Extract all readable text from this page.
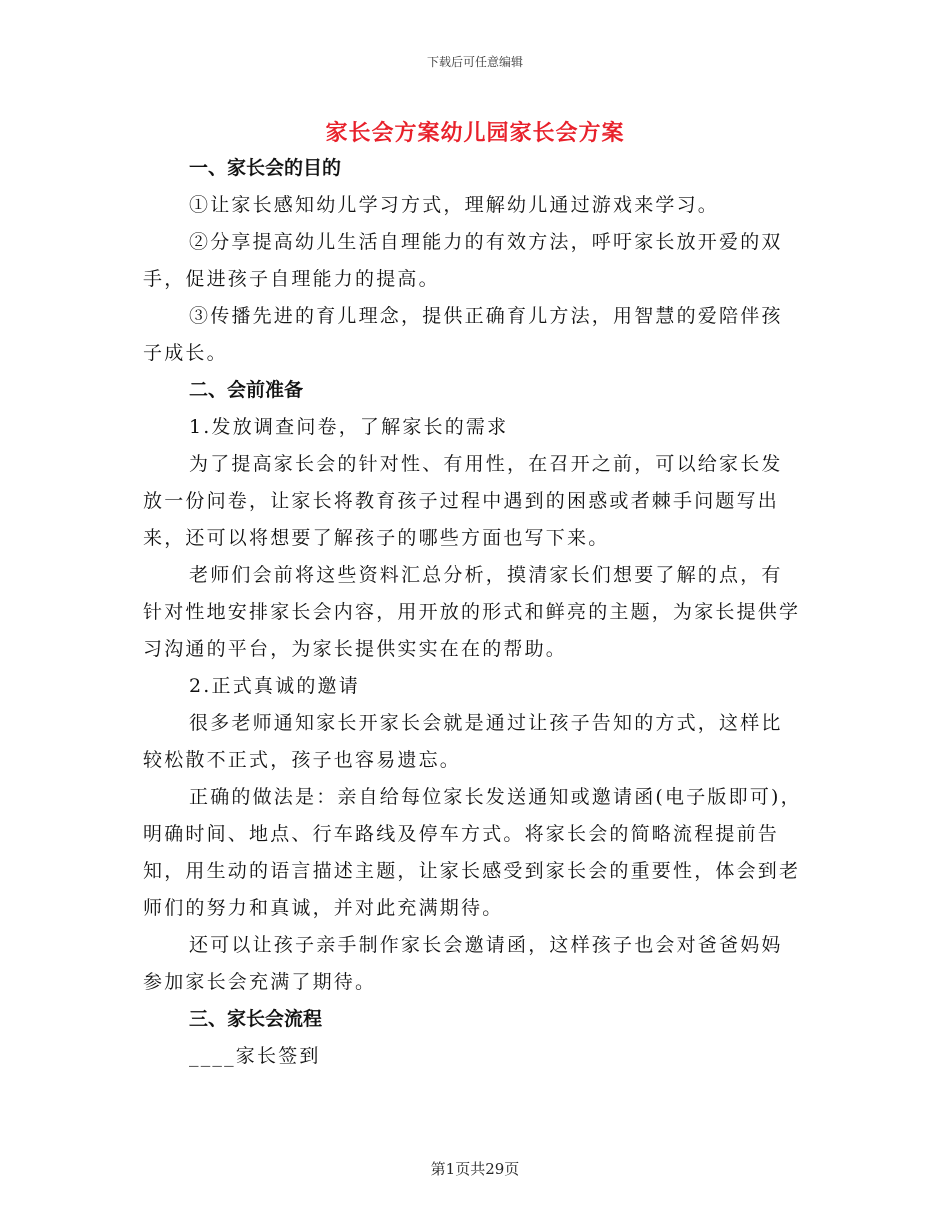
下载后可任意编辑
家长会方案幼儿园家长会方案

一、家长会的目的

①让家长感知幼儿学习方式，理解幼儿通过游戏来学习。

②分享提高幼儿生活自理能力的有效方法，呼吁家长放开爱的双手，促进孩子自理能力的提高。

③传播先进的育儿理念，提供正确育儿方法，用智慧的爱陪伴孩子成长。

二、会前准备

1.发放调查问卷，了解家长的需求

为了提高家长会的针对性、有用性，在召开之前，可以给家长发放一份问卷，让家长将教育孩子过程中遇到的困惑或者棘手问题写出来，还可以将想要了解孩子的哪些方面也写下来。

老师们会前将这些资料汇总分析，摸清家长们想要了解的点，有针对性地安排家长会内容，用开放的形式和鲜亮的主题，为家长提供学习沟通的平台，为家长提供实实在在的帮助。

2.正式真诚的邀请

很多老师通知家长开家长会就是通过让孩子告知的方式，这样比较松散不正式，孩子也容易遗忘。

正确的做法是：亲自给每位家长发送通知或邀请函(电子版即可)，明确时间、地点、行车路线及停车方式。将家长会的简略流程提前告知，用生动的语言描述主题，让家长感受到家长会的重要性，体会到老师们的努力和真诚，并对此充满期待。

还可以让孩子亲手制作家长会邀请函，这样孩子也会对爸爸妈妈参加家长会充满了期待。

三、家长会流程

____家长签到

第1页共29页
